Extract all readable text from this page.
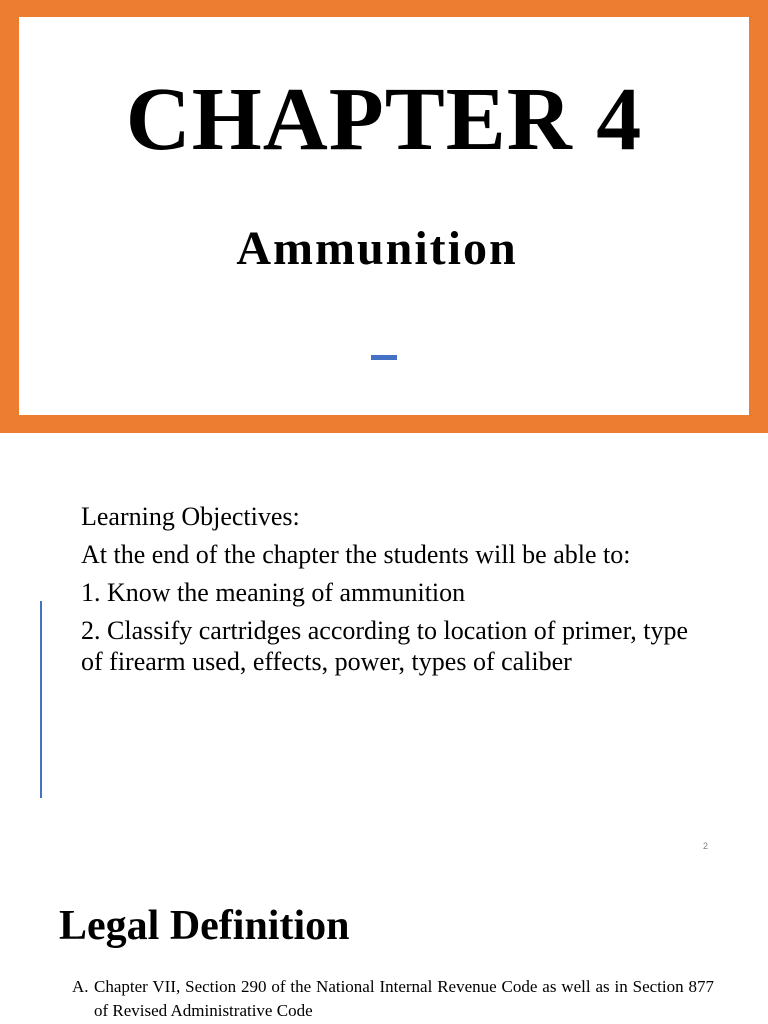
CHAPTER 4
Ammunition

Learning Objectives:

At the end of the chapter the students will be able to:

1. Know the meaning of ammunition

2. Classify cartridges according to location of primer, type of firearm used, effects, power, types of caliber

2
Legal Definition
A. Chapter VII, Section 290 of the National Internal Revenue Code as well as in Section 877 of Revised Administrative Code
